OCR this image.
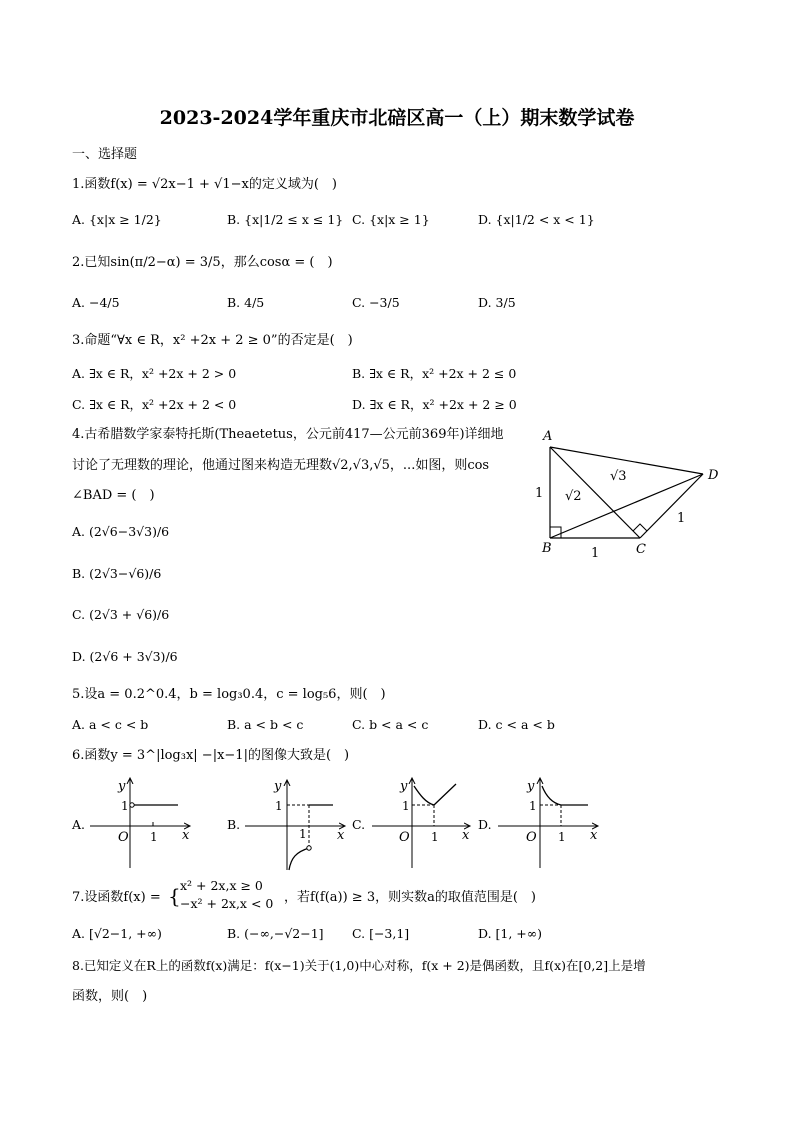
2023-2024学年重庆市北碚区高一（上）期末数学试卷
一、选择题
1.函数f(x) = √2x−1 + √1−x的定义域为(　)
A. {x|x ≥ 1/2}	B. {x|1/2 ≤ x ≤ 1} C. {x|x ≥ 1}	D. {x|1/2 < x < 1}
2.已知sin(π/2−α) = 3/5，那么cosα = (　)
A. −4/5	B. 4/5	C. −3/5	D. 3/5
3.命题“∀x ∈ R，x² +2x + 2 ≥ 0”的否定是(　)
A. ∃x ∈ R，x² +2x + 2 > 0	B. ∃x ∈ R，x² +2x + 2 ≤ 0
C. ∃x ∈ R，x² +2x + 2 < 0	D. ∃x ∈ R，x² +2x + 2 ≥ 0
4.古希腊数学家泰特托斯(Theaetetus，公元前417—公元前369年)详细地
讨论了无理数的理论，他通过图来构造无理数√2,√3,√5，...如图，则cos
∠BAD = (　)
A. (2√6−3√3)/6
B. (2√3−√6)/6
C. (2√3 + √6)/6
D. (2√6 + 3√3)/6
A
B	C
D
1
1
1
√2
√3
5.设a = 0.2^0.4，b = log₃0.4，c = log₅6，则(　)
A. a < c < b	B. a < b < c	C. b < a < c	D. c < a < b
6.函数y = 3^|log₃x| −|x−1|的图像大致是(　)
A.	B.	C.	D.
y
x
O
1
1
y
x
1
1
y
x
O
1
1
y
x
O
1
1
7.设函数f(x) = { x² + 2x,x ≥ 0
−x² + 2x,x < 0 ，若f(f(a)) ≥ 3，则实数a的取值范围是(　)
A. [√2−1, +∞)	B. (−∞,−√2−1] C. [−3,1]	D. [1, +∞)
8.已知定义在R上的函数f(x)满足：f(x−1)关于(1,0)中心对称，f(x + 2)是偶函数，且f(x)在[0,2]上是增
函数，则(　)
